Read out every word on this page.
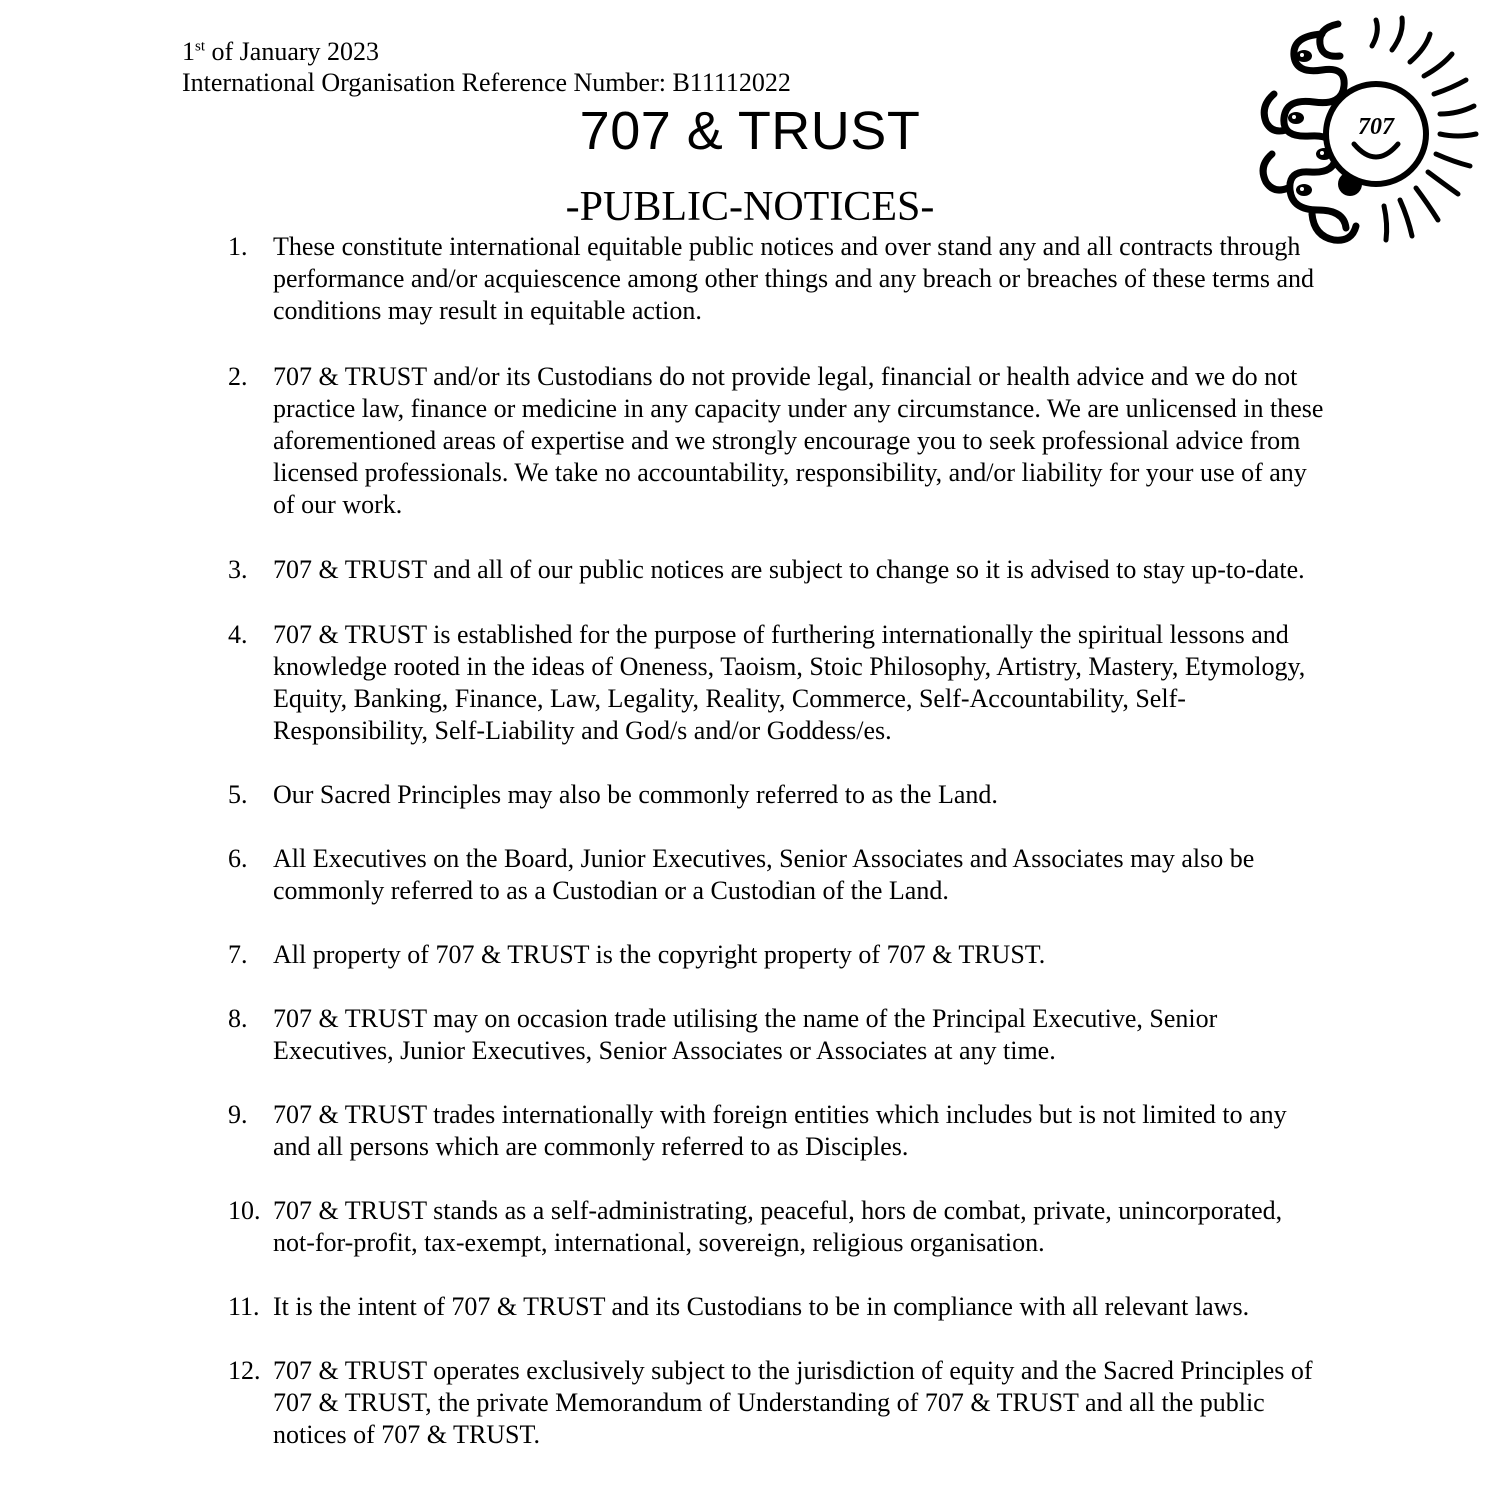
1st of January 2023
International Organisation Reference Number: B11112022
707 & TRUST
-PUBLIC-NOTICES-
707
1. These constitute international equitable public notices and over stand any and all contracts through performance and/or acquiescence among other things and any breach or breaches of these terms and conditions may result in equitable action.
2. 707 & TRUST and/or its Custodians do not provide legal, financial or health advice and we do not practice law, finance or medicine in any capacity under any circumstance. We are unlicensed in these aforementioned areas of expertise and we strongly encourage you to seek professional advice from licensed professionals. We take no accountability, responsibility, and/or liability for your use of any of our work.
3. 707 & TRUST and all of our public notices are subject to change so it is advised to stay up-to-date.
4. 707 & TRUST is established for the purpose of furthering internationally the spiritual lessons and knowledge rooted in the ideas of Oneness, Taoism, Stoic Philosophy, Artistry, Mastery, Etymology, Equity, Banking, Finance, Law, Legality, Reality, Commerce, Self-Accountability, Self-Responsibility, Self-Liability and God/s and/or Goddess/es.
5. Our Sacred Principles may also be commonly referred to as the Land.
6. All Executives on the Board, Junior Executives, Senior Associates and Associates may also be commonly referred to as a Custodian or a Custodian of the Land.
7. All property of 707 & TRUST is the copyright property of 707 & TRUST.
8. 707 & TRUST may on occasion trade utilising the name of the Principal Executive, Senior Executives, Junior Executives, Senior Associates or Associates at any time.
9. 707 & TRUST trades internationally with foreign entities which includes but is not limited to any and all persons which are commonly referred to as Disciples.
10. 707 & TRUST stands as a self-administrating, peaceful, hors de combat, private, unincorporated, not-for-profit, tax-exempt, international, sovereign, religious organisation.
11. It is the intent of 707 & TRUST and its Custodians to be in compliance with all relevant laws.
12. 707 & TRUST operates exclusively subject to the jurisdiction of equity and the Sacred Principles of 707 & TRUST, the private Memorandum of Understanding of 707 & TRUST and all the public notices of 707 & TRUST.
